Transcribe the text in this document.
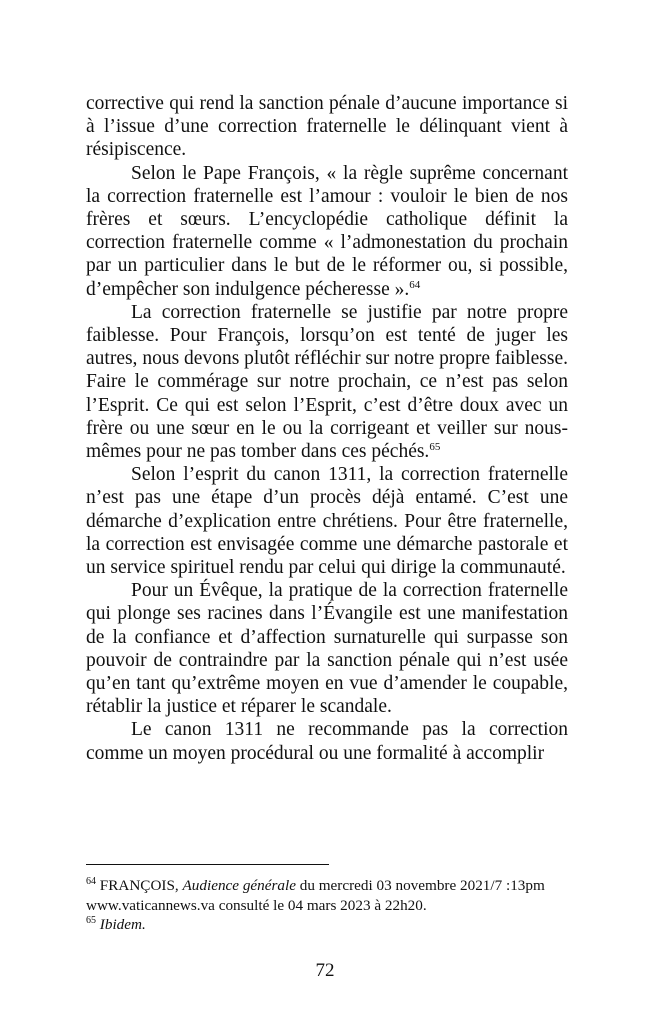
corrective qui rend la sanction pénale d’aucune importance si à l’issue d’une correction fraternelle le délinquant vient à résipiscence.

Selon le Pape François, « la règle suprême concernant la correction fraternelle est l’amour : vouloir le bien de nos frères et sœurs. L’encyclopédie catholique définit la correction fraternelle comme « l’admonestation du prochain par un particulier dans le but de le réformer ou, si possible, d’empêcher son indulgence pécheresse ».$^{64}$

La correction fraternelle se justifie par notre propre faiblesse. Pour François, lorsqu’on est tenté de juger les autres, nous devons plutôt réfléchir sur notre propre faiblesse. Faire le commérage sur notre prochain, ce n’est pas selon l’Esprit. Ce qui est selon l’Esprit, c’est d’être doux avec un frère ou une sœur en le ou la corrigeant et veiller sur nous-mêmes pour ne pas tomber dans ces péchés.$^{65}$

Selon l’esprit du canon 1311, la correction fraternelle n’est pas une étape d’un procès déjà entamé. C’est une démarche d’explication entre chrétiens. Pour être fraternelle, la correction est envisagée comme une démarche pastorale et un service spirituel rendu par celui qui dirige la communauté.

Pour un Évêque, la pratique de la correction fraternelle qui plonge ses racines dans l’Évangile est une manifestation de la confiance et d’affection surnaturelle qui surpasse son pouvoir de contraindre par la sanction pénale qui n’est usée qu’en tant qu’extrême moyen en vue d’amender le coupable, rétablir la justice et réparer le scandale.

Le canon 1311 ne recommande pas la correction comme un moyen procédural ou une formalité à accomplir

$^{64}$ FRANÇOIS, Audience générale du mercredi 03 novembre 2021/7 :13pm www.vaticannews.va consulté le 04 mars 2023 à 22h20.

$^{65}$ Ibidem.

72
